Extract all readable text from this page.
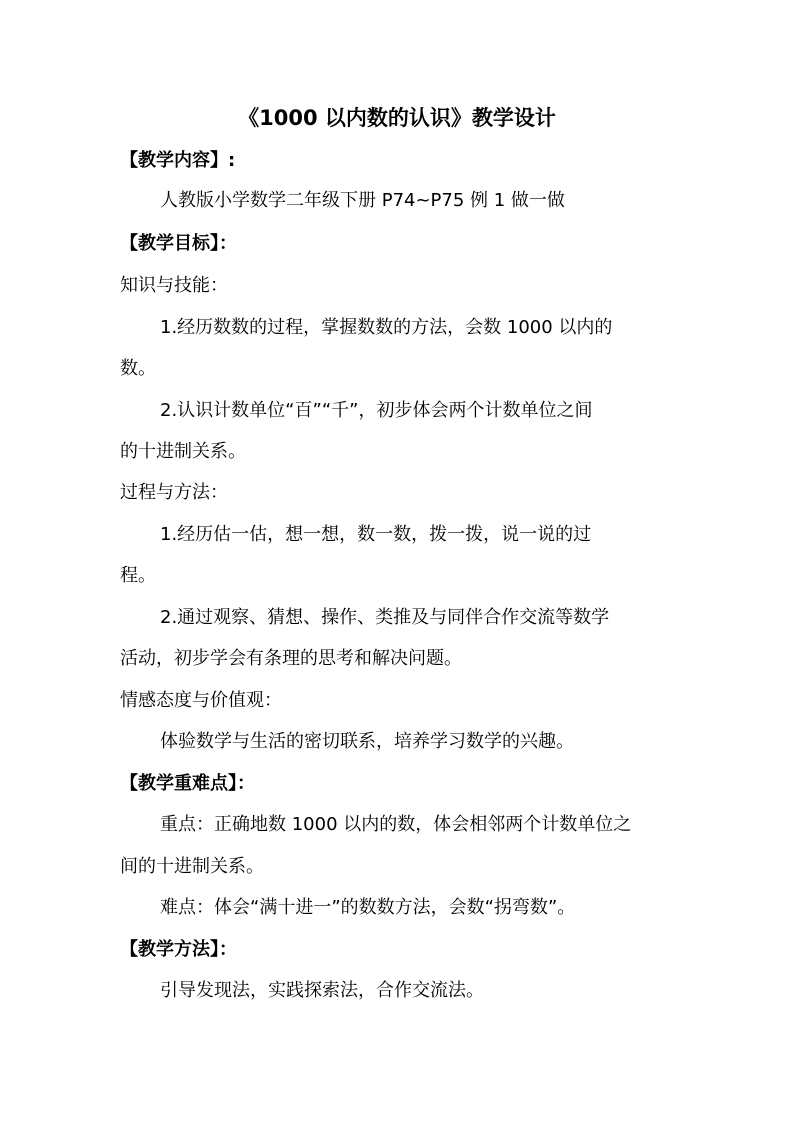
《1000 以内数的认识》教学设计

【教学内容】:

人教版小学数学二年级下册 P74~P75 例 1 做一做

【教学目标】：

知识与技能：

1.经历数数的过程，掌握数数的方法，会数 1000 以内的

数。

2.认识计数单位“百”“千”，初步体会两个计数单位之间

的十进制关系。

过程与方法：

1.经历估一估，想一想，数一数，拨一拨，说一说的过

程。

2.通过观察、猜想、操作、类推及与同伴合作交流等数学

活动，初步学会有条理的思考和解决问题。

情感态度与价值观：

体验数学与生活的密切联系，培养学习数学的兴趣。

【教学重难点】：

重点：正确地数 1000 以内的数，体会相邻两个计数单位之

间的十进制关系。

难点：体会“满十进一”的数数方法，会数“拐弯数”。

【教学方法】：

引导发现法，实践探索法，合作交流法。
